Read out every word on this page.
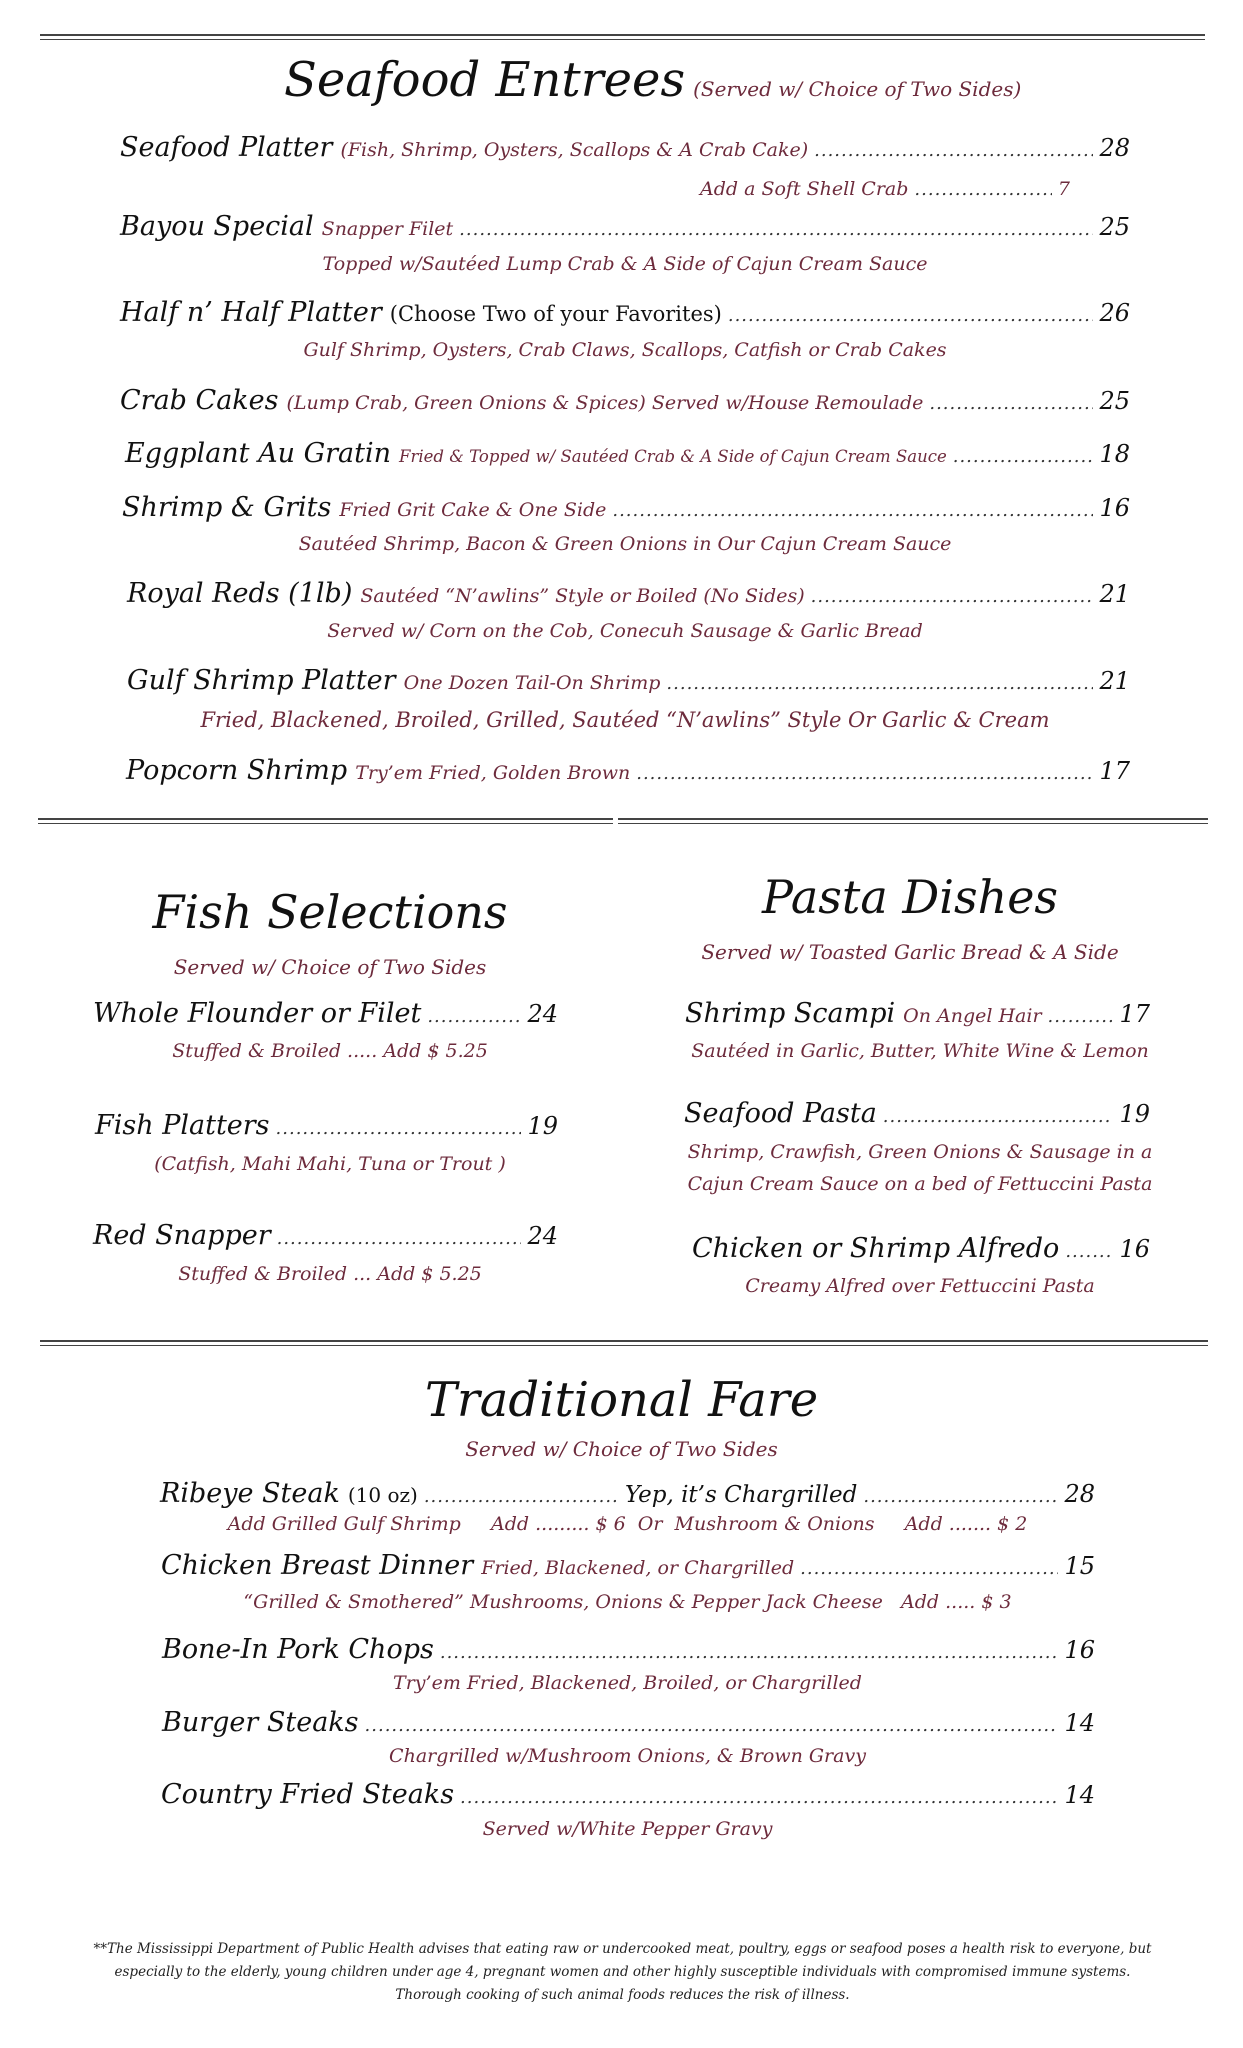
Seafood Entrees (Served w/ Choice of Two Sides)
Seafood Platter (Fish, Shrimp, Oysters, Scallops & A Crab Cake) .....	28
Add a Soft Shell Crab .....	7
Bayou Special Snapper Filet .....	25
Topped w/Sautéed Lump Crab & A Side of Cajun Cream Sauce
Half n’ Half Platter (Choose Two of your Favorites) .....	26
Gulf Shrimp, Oysters, Crab Claws, Scallops, Catfish or Crab Cakes
Crab Cakes (Lump Crab, Green Onions & Spices) Served w/House Remoulade .....	25
Eggplant Au Gratin Fried & Topped w/ Sautéed Crab & A Side of Cajun Cream Sauce .....	18
Shrimp & Grits Fried Grit Cake & One Side .....	16
Sautéed Shrimp, Bacon & Green Onions in Our Cajun Cream Sauce
Royal Reds (1lb) Sautéed “N’awlins” Style or Boiled (No Sides) .....	21
Served w/ Corn on the Cob, Conecuh Sausage & Garlic Bread
Gulf Shrimp Platter One Dozen Tail-On Shrimp .....	21
Fried, Blackened, Broiled, Grilled, Sautéed “N’awlins” Style Or Garlic & Cream
Popcorn Shrimp Try’em Fried, Golden Brown .....	17
Fish Selections
Served w/ Choice of Two Sides
Whole Flounder or Filet .....	24
Stuffed & Broiled ..... Add $ 5.25
Fish Platters .....	19
(Catfish, Mahi Mahi, Tuna or Trout )
Red Snapper .....	24
Stuffed & Broiled ... Add $ 5.25
Pasta Dishes
Served w/ Toasted Garlic Bread & A Side
Shrimp Scampi On Angel Hair .....	17
Sautéed in Garlic, Butter, White Wine & Lemon
Seafood Pasta .....	19
Shrimp, Crawfish, Green Onions & Sausage in a
Cajun Cream Sauce on a bed of Fettuccini Pasta
Chicken or Shrimp Alfredo .....	16
Creamy Alfred over Fettuccini Pasta
Traditional Fare
Served w/ Choice of Two Sides
Ribeye Steak (10 oz) .....	Yep, it’s Chargrilled .....	28
Add Grilled Gulf Shrimp     Add ......... $ 6  Or  Mushroom & Onions     Add ....... $ 2
Chicken Breast Dinner Fried, Blackened, or Chargrilled .....	15
“Grilled & Smothered” Mushrooms, Onions & Pepper Jack Cheese   Add ..... $ 3
Bone-In Pork Chops .....	16
Try’em Fried, Blackened, Broiled, or Chargrilled
Burger Steaks .....	14
Chargrilled w/Mushroom Onions, & Brown Gravy
Country Fried Steaks .....	14
Served w/White Pepper Gravy
**The Mississippi Department of Public Health advises that eating raw or undercooked meat, poultry, eggs or seafood poses a health risk to everyone, but
especially to the elderly, young children under age 4, pregnant women and other highly susceptible individuals with compromised immune systems.
Thorough cooking of such animal foods reduces the risk of illness.
